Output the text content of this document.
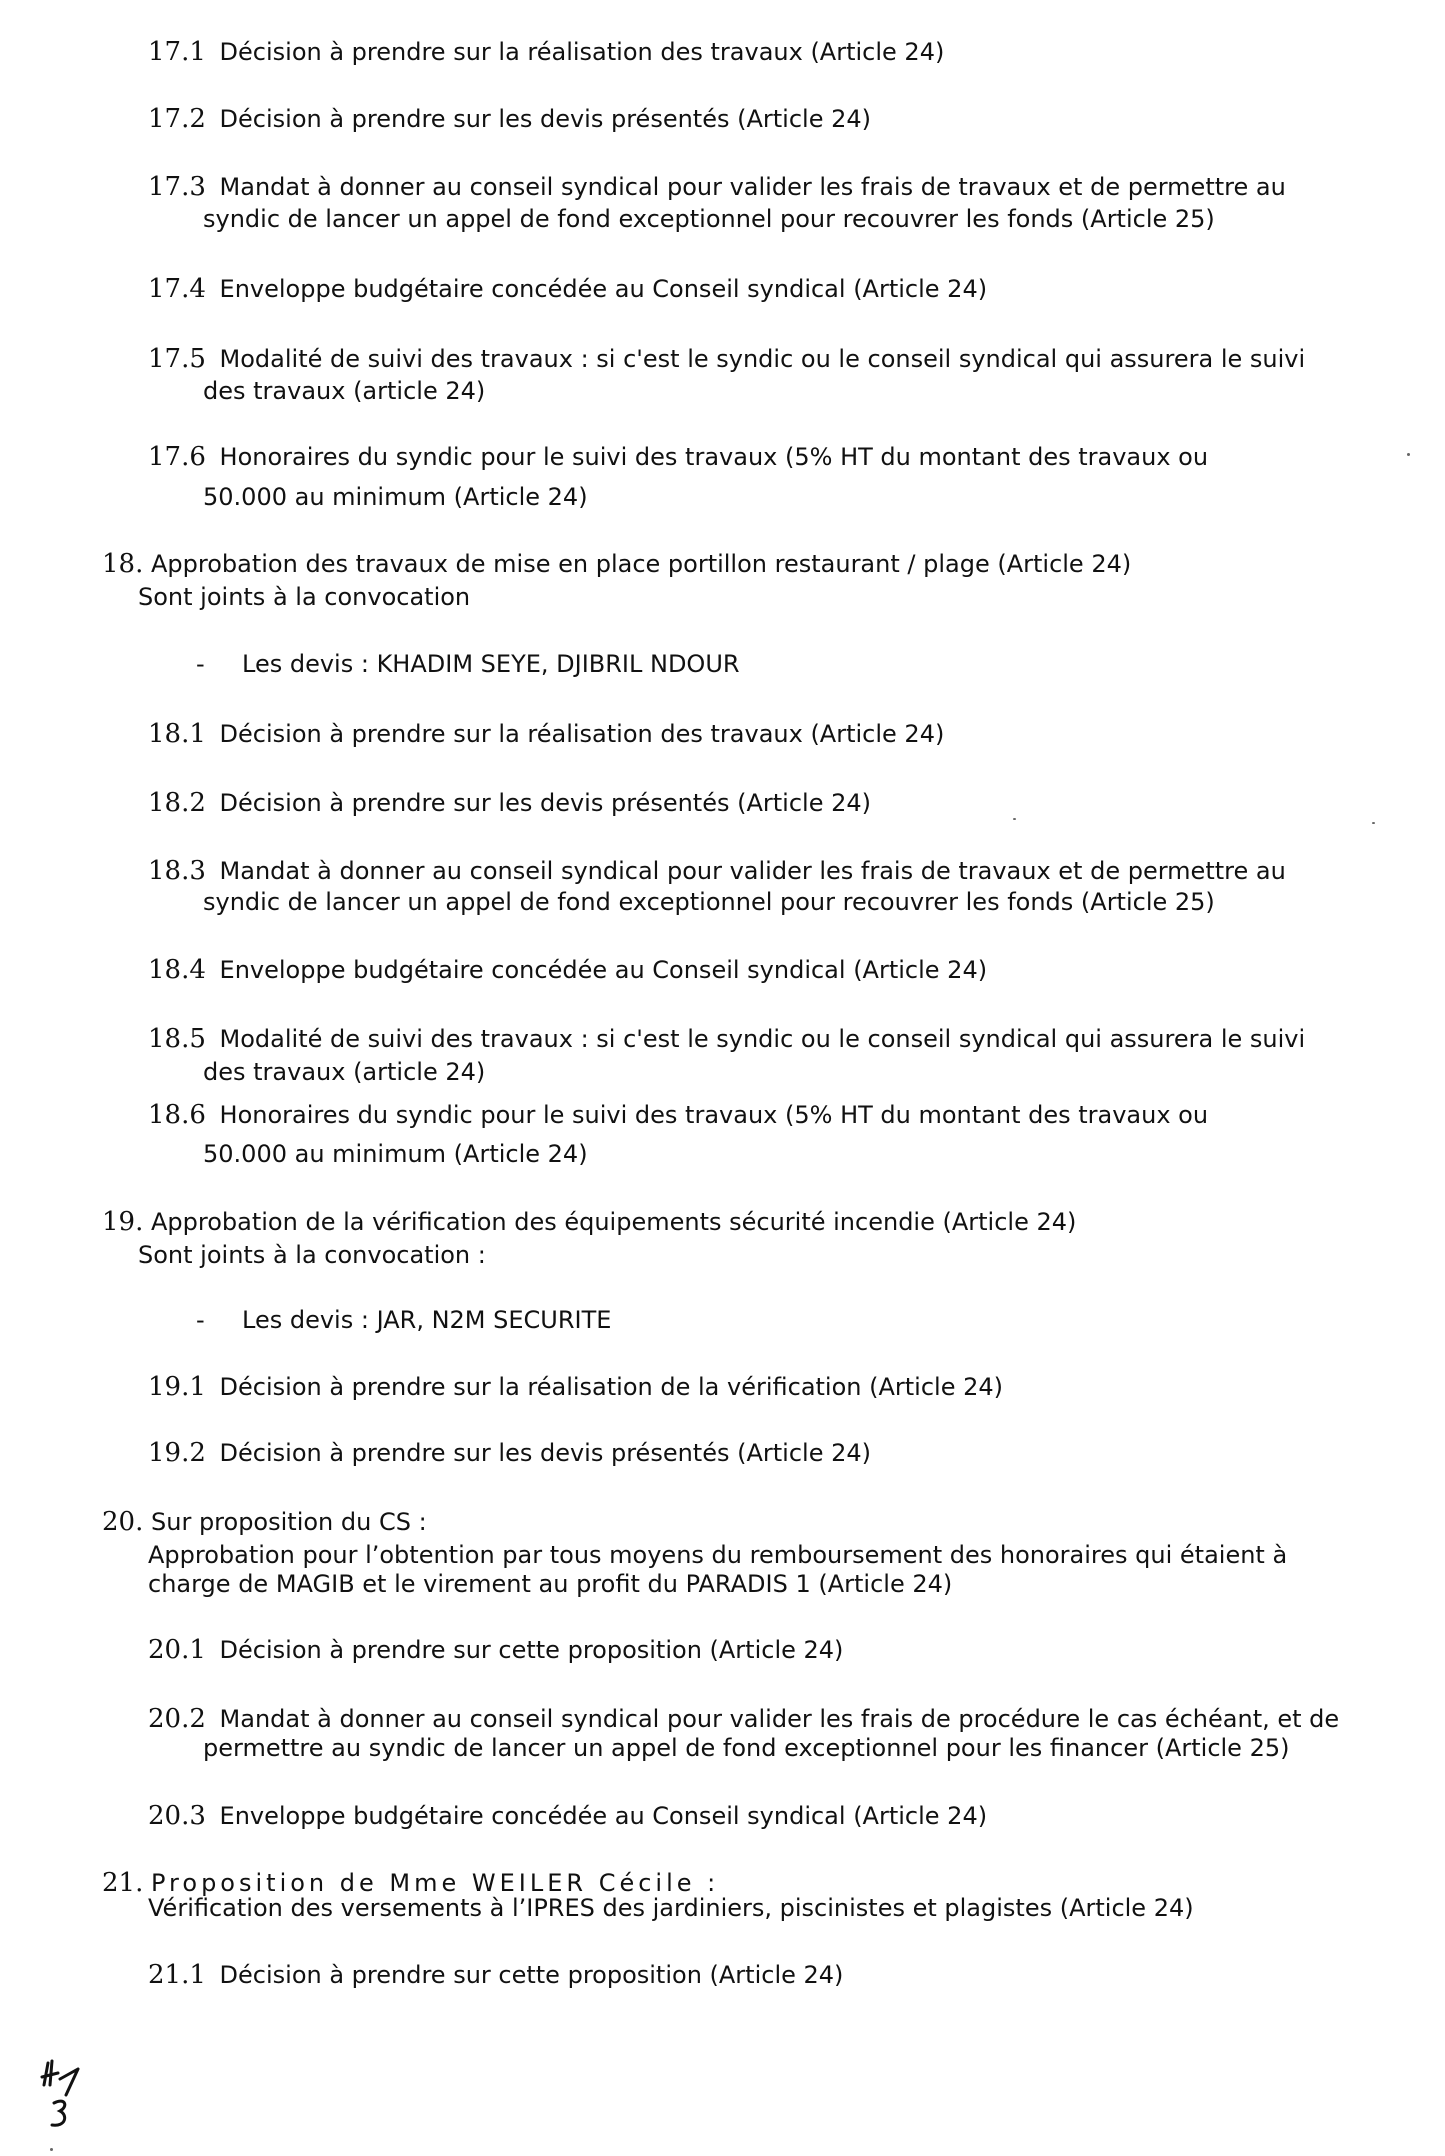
17.1 Décision à prendre sur la réalisation des travaux (Article 24)
17.2 Décision à prendre sur les devis présentés (Article 24)
17.3 Mandat à donner au conseil syndical pour valider les frais de travaux et de permettre au
syndic de lancer un appel de fond exceptionnel pour recouvrer les fonds (Article 25)
17.4 Enveloppe budgétaire concédée au Conseil syndical (Article 24)
17.5 Modalité de suivi des travaux : si c'est le syndic ou le conseil syndical qui assurera le suivi
des travaux (article 24)
17.6 Honoraires du syndic pour le suivi des travaux (5% HT du montant des travaux ou
50.000 au minimum (Article 24)
18. Approbation des travaux de mise en place portillon restaurant / plage (Article 24)
Sont joints à la convocation
- Les devis : KHADIM SEYE, DJIBRIL NDOUR
18.1 Décision à prendre sur la réalisation des travaux (Article 24)
18.2 Décision à prendre sur les devis présentés (Article 24)
18.3 Mandat à donner au conseil syndical pour valider les frais de travaux et de permettre au
syndic de lancer un appel de fond exceptionnel pour recouvrer les fonds (Article 25)
18.4 Enveloppe budgétaire concédée au Conseil syndical (Article 24)
18.5 Modalité de suivi des travaux : si c'est le syndic ou le conseil syndical qui assurera le suivi
des travaux (article 24)
18.6 Honoraires du syndic pour le suivi des travaux (5% HT du montant des travaux ou
50.000 au minimum (Article 24)
19. Approbation de la vérification des équipements sécurité incendie (Article 24)
Sont joints à la convocation :
- Les devis : JAR, N2M SECURITE
19.1 Décision à prendre sur la réalisation de la vérification (Article 24)
19.2 Décision à prendre sur les devis présentés (Article 24)
20. Sur proposition du CS :
Approbation pour l’obtention par tous moyens du remboursement des honoraires qui étaient à
charge de MAGIB et le virement au profit du PARADIS 1 (Article 24)
20.1 Décision à prendre sur cette proposition (Article 24)
20.2 Mandat à donner au conseil syndical pour valider les frais de procédure le cas échéant, et de
permettre au syndic de lancer un appel de fond exceptionnel pour les financer (Article 25)
20.3 Enveloppe budgétaire concédée au Conseil syndical (Article 24)
21. Proposition de Mme WEILER Cécile :
Vérification des versements à l’IPRES des jardiniers, piscinistes et plagistes (Article 24)
21.1 Décision à prendre sur cette proposition (Article 24)
